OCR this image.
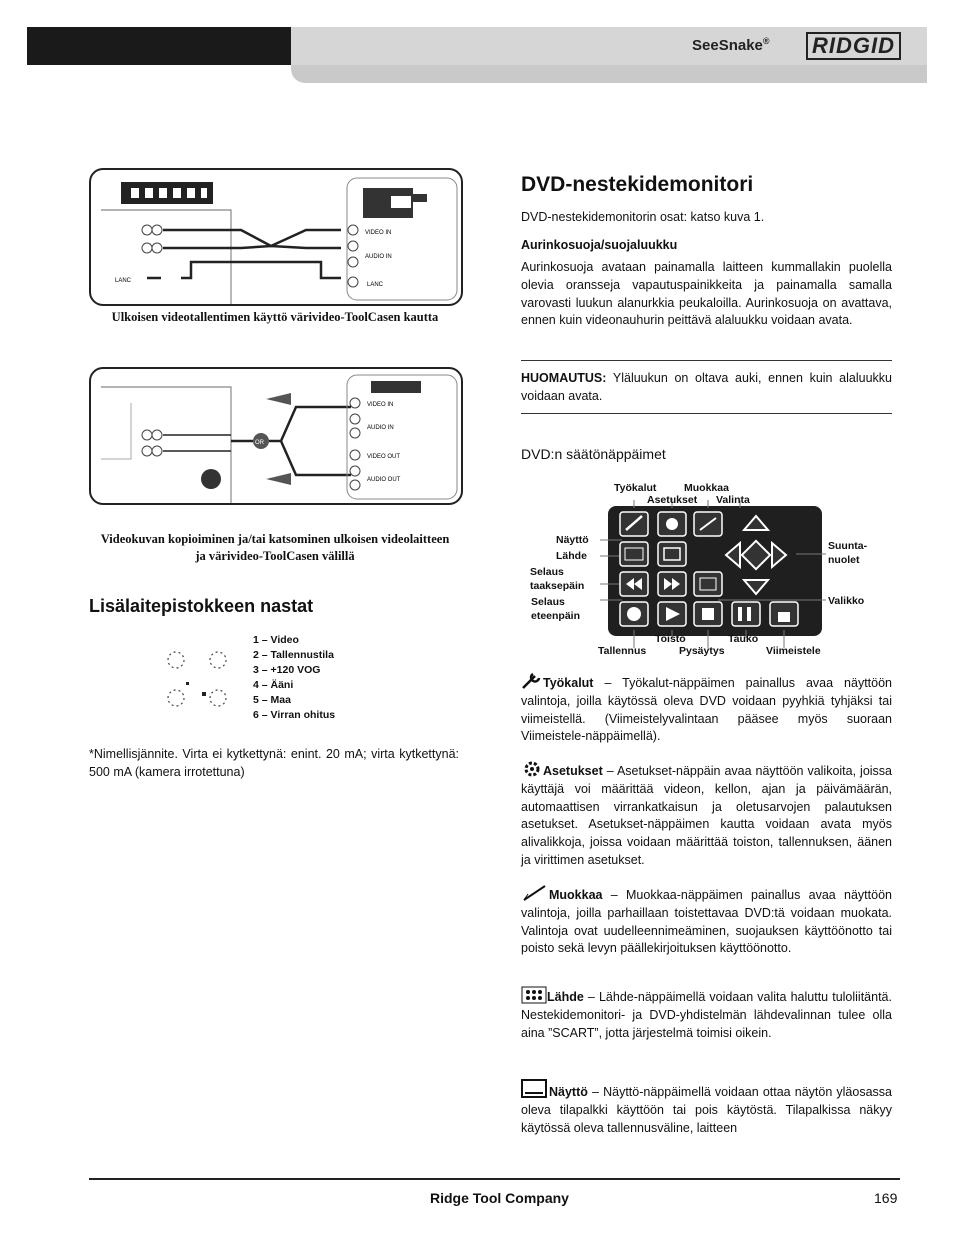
SeeSnake® RIDGID
VIDEO IN
AUDIO IN
LANC
LANC
Ulkoisen videotallentimen käyttö värivideo-ToolCasen kautta
OR
VIDEO IN
AUDIO IN
VIDEO OUT
AUDIO OUT
Videokuvan kopioiminen ja/tai katsominen ulkoisen videolaitteen ja värivideo-ToolCasen välillä
Lisälaitepistokkeen nastat
1 – Video
2 – Tallennustila
3 – +120 VOG
4 – Ääni
5 – Maa
6 – Virran ohitus
*Nimellisjännite. Virta ei kytkettynä: enint. 20 mA; virta kytkettynä: 500 mA (kamera irrotettuna)
DVD-nestekidemonitori
DVD-nestekidemonitorin osat: katso kuva 1.
Aurinkosuoja/suojaluukku
Aurinkosuoja avataan painamalla laitteen kummallakin puolella olevia oransseja vapautuspainikkeita ja painamalla samalla varovasti luukun alanurkkia peukaloilla. Aurinkosuoja on avattava, ennen kuin videonauhurin peittävä alaluukku voidaan avata.
HUOMAUTUS: Yläluukun on oltava auki, ennen kuin alaluukku voidaan avata.
DVD:n säätönäppäimet
Työkalut	Muokkaa
Asetukset Valinta
Näyttö
Lähde
Selaus taaksepäin
Selaus eteenpäin
Suunta-nuolet
Valikko
Toisto	Tauko
Tallennus	Pysäytys	Viimeistele
Työkalut – Työkalut-näppäimen painallus avaa näyttöön valintoja, joilla käytössä oleva DVD voidaan pyyhkiä tyhjäksi tai viimeistellä. (Viimeistelyvalintaan pääsee myös suoraan Viimeistele-näppäimellä).
Asetukset – Asetukset-näppäin avaa näyttöön valikoita, joissa käyttäjä voi määrittää videon, kellon, ajan ja päivämäärän, automaattisen virrankatkaisun ja oletusarvojen palautuksen asetukset. Asetukset-näppäimen kautta voidaan avata myös alivalikkoja, joissa voidaan määrittää toiston, tallennuksen, äänen ja virittimen asetukset.
Muokkaa – Muokkaa-näppäimen painallus avaa näyttöön valintoja, joilla parhaillaan toistettavaa DVD:tä voidaan muokata. Valintoja ovat uudelleennimeäminen, suojauksen käyttöönotto tai poisto sekä levyn päällekirjoituksen käyttöönotto.
Lähde – Lähde-näppäimellä voidaan valita haluttu tuloliitäntä. Nestekidemonitori- ja DVD-yhdistelmän lähdevalinnan tulee olla aina ”SCART”, jotta järjestelmä toimisi oikein.
Näyttö – Näyttö-näppäimellä voidaan ottaa näytön yläosassa oleva tilapalkki käyttöön tai pois käytöstä. Tilapalkissa näkyy käytössä oleva tallennusväline, laitteen
Ridge Tool Company	169
